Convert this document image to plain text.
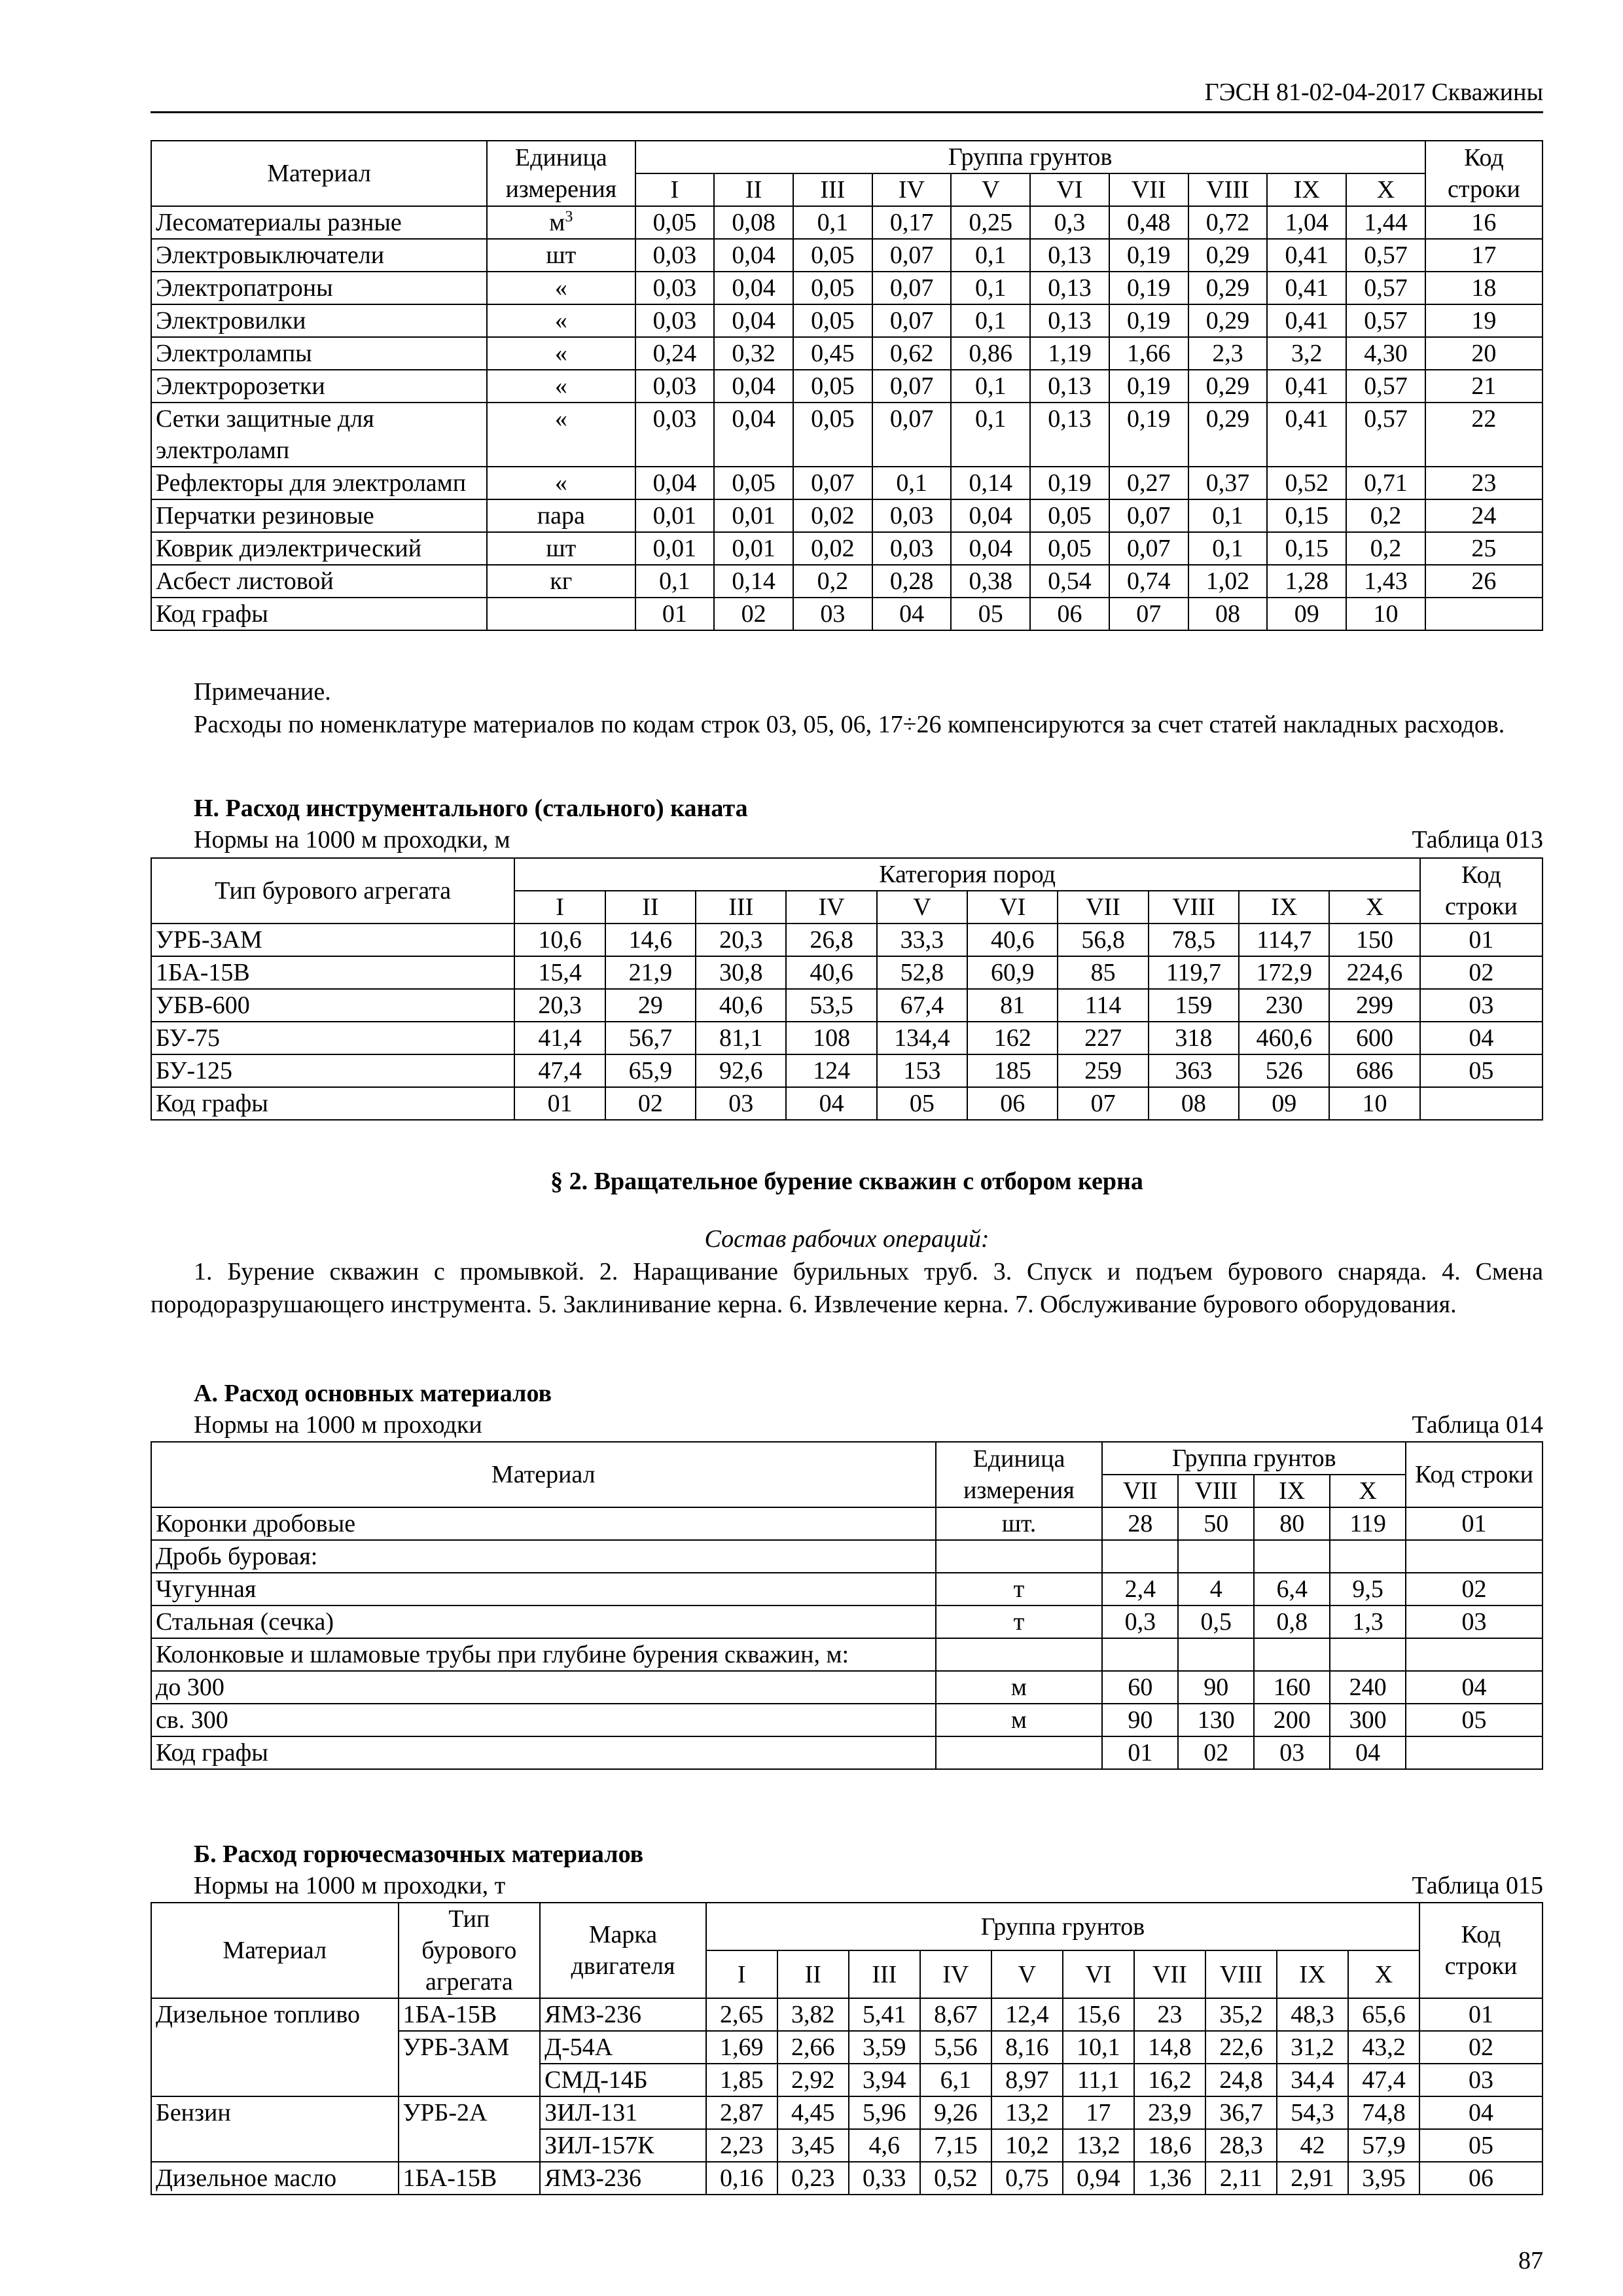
ГЭСН 81-02-04-2017 Скважины
Материал	Единица измерения	Группа грунтов										Код строки
		I	II	III	IV	V	VI	VII	VIII	IX	X	
Лесоматериалы разные	$м^3$	0,05	0,08	0,1	0,17	0,25	0,3	0,48	0,72	1,04	1,44	16
Электровыключатели	шт	0,03	0,04	0,05	0,07	0,1	0,13	0,19	0,29	0,41	0,57	17
Электропатроны	«	0,03	0,04	0,05	0,07	0,1	0,13	0,19	0,29	0,41	0,57	18
Электровилки	«	0,03	0,04	0,05	0,07	0,1	0,13	0,19	0,29	0,41	0,57	19
Электролампы	«	0,24	0,32	0,45	0,62	0,86	1,19	1,66	2,3	3,2	4,30	20
Электророзетки	«	0,03	0,04	0,05	0,07	0,1	0,13	0,19	0,29	0,41	0,57	21
Сетки защитные для электроламп	«	0,03	0,04	0,05	0,07	0,1	0,13	0,19	0,29	0,41	0,57	22
Рефлекторы для электроламп	«	0,04	0,05	0,07	0,1	0,14	0,19	0,27	0,37	0,52	0,71	23
Перчатки резиновые	пара	0,01	0,01	0,02	0,03	0,04	0,05	0,07	0,1	0,15	0,2	24
Коврик диэлектрический	шт	0,01	0,01	0,02	0,03	0,04	0,05	0,07	0,1	0,15	0,2	25
Асбест листовой	кг	0,1	0,14	0,2	0,28	0,38	0,54	0,74	1,02	1,28	1,43	26
Код графы		01	02	03	04	05	06	07	08	09	10	
Примечание.
Расходы по номенклатуре материалов по кодам строк 03, 05, 06, 17÷26 компенсируются за счет статей накладных расходов.
Н. Расход инструментального (стального) каната
Нормы на 1000 м проходки, м	Таблица 013
Тип бурового агрегата	Категория пород										Код строки
	I	II	III	IV	V	VI	VII	VIII	IX	X	
УРБ-3АМ	10,6	14,6	20,3	26,8	33,3	40,6	56,8	78,5	114,7	150	01
1БА-15В	15,4	21,9	30,8	40,6	52,8	60,9	85	119,7	172,9	224,6	02
УБВ-600	20,3	29	40,6	53,5	67,4	81	114	159	230	299	03
БУ-75	41,4	56,7	81,1	108	134,4	162	227	318	460,6	600	04
БУ-125	47,4	65,9	92,6	124	153	185	259	363	526	686	05
Код графы	01	02	03	04	05	06	07	08	09	10	
§ 2. Вращательное бурение скважин с отбором керна
Состав рабочих операций:
1. Бурение скважин с промывкой. 2. Наращивание бурильных труб. 3. Спуск и подъем бурового снаряда. 4. Смена породоразрушающего инструмента. 5. Заклинивание керна. 6. Извлечение керна. 7. Обслуживание бурового оборудования.
А. Расход основных материалов
Нормы на 1000 м проходки	Таблица 014
Материал	Единица измерения	Группа грунтов				Код строки
		VII	VIII	IX	X	
Коронки дробовые	шт.	28	50	80	119	01
Дробь буровая:						
Чугунная	т	2,4	4	6,4	9,5	02
Стальная (сечка)	т	0,3	0,5	0,8	1,3	03
Колонковые и шламовые трубы при глубине бурения скважин, м:						
до 300	м	60	90	160	240	04
св. 300	м	90	130	200	300	05
Код графы		01	02	03	04	
Б. Расход горючесмазочных материалов
Нормы на 1000 м проходки, т	Таблица 015
Материал	Тип бурового агрегата	Марка двигателя	Группа грунтов										Код строки
			I	II	III	IV	V	VI	VII	VIII	IX	X	
Дизельное топливо	1БА-15В	ЯМЗ-236	2,65	3,82	5,41	8,67	12,4	15,6	23	35,2	48,3	65,6	01
	УРБ-3АМ	Д-54А	1,69	2,66	3,59	5,56	8,16	10,1	14,8	22,6	31,2	43,2	02
		СМД-14Б	1,85	2,92	3,94	6,1	8,97	11,1	16,2	24,8	34,4	47,4	03
Бензин	УРБ-2А	ЗИЛ-131	2,87	4,45	5,96	9,26	13,2	17	23,9	36,7	54,3	74,8	04
		ЗИЛ-157К	2,23	3,45	4,6	7,15	10,2	13,2	18,6	28,3	42	57,9	05
Дизельное масло	1БА-15В	ЯМЗ-236	0,16	0,23	0,33	0,52	0,75	0,94	1,36	2,11	2,91	3,95	06
87
